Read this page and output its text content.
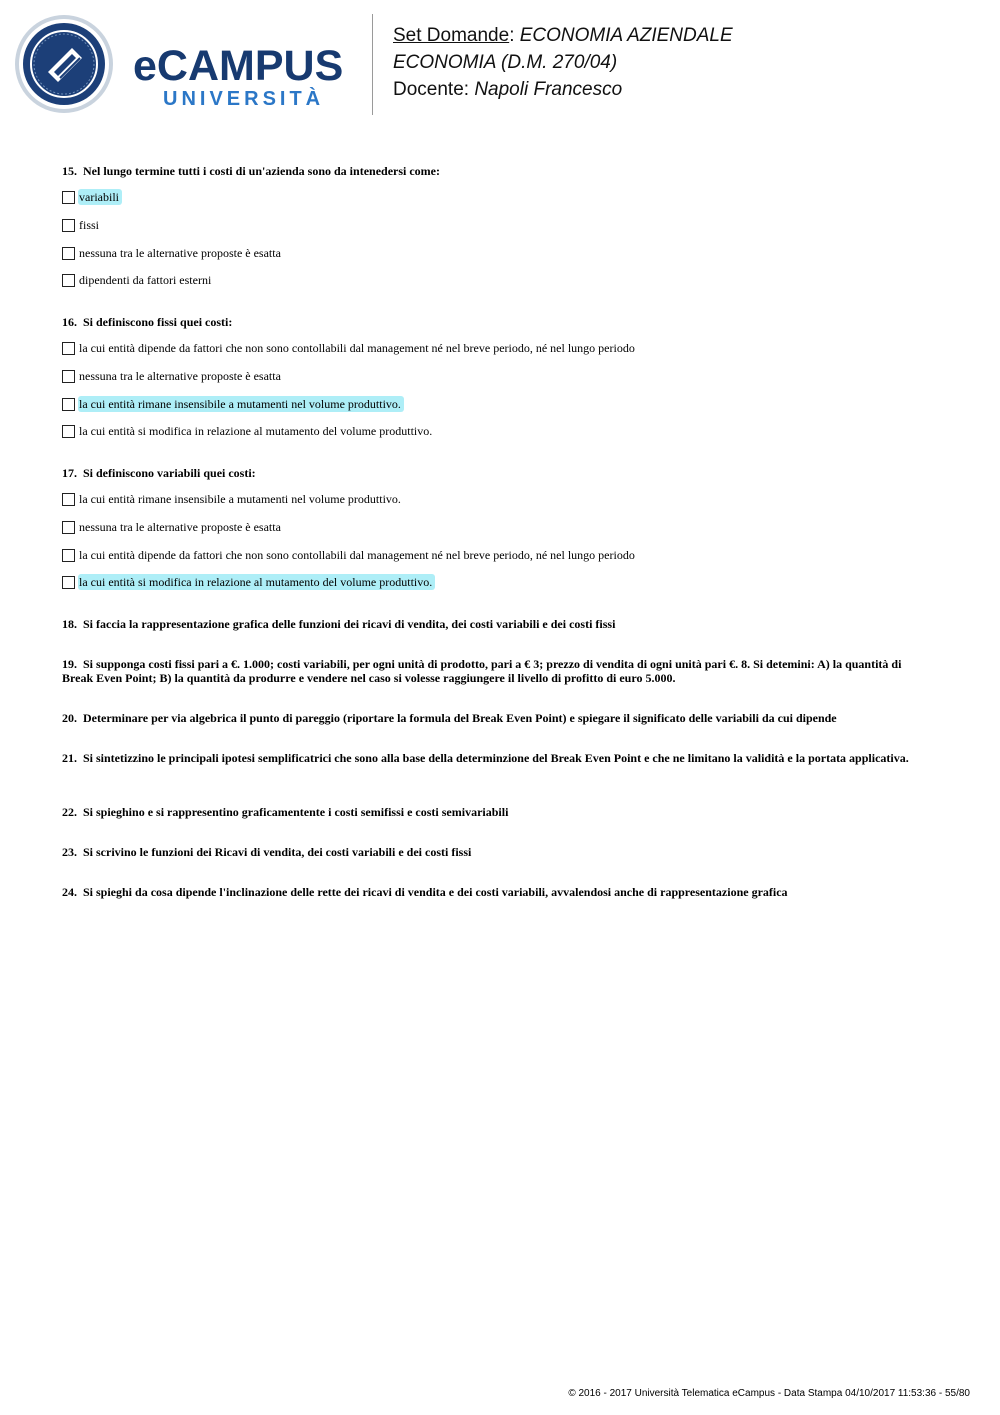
eCAMPUS
UNIVERSITÀ
Set Domande: ECONOMIA AZIENDALE
ECONOMIA (D.M. 270/04)
Docente: Napoli Francesco
15. Nel lungo termine tutti i costi di un'azienda sono da intenedersi come:
variabili
fissi
nessuna tra le alternative proposte è esatta
dipendenti da fattori esterni
16. Si definiscono fissi quei costi:
la cui entità dipende da fattori che non sono contollabili dal management né nel breve periodo, né nel lungo periodo
nessuna tra le alternative proposte è esatta
la cui entità rimane insensibile a mutamenti nel volume produttivo.
la cui entità si modifica in relazione al mutamento del volume produttivo.
17. Si definiscono variabili quei costi:
la cui entità rimane insensibile a mutamenti nel volume produttivo.
nessuna tra le alternative proposte è esatta
la cui entità dipende da fattori che non sono contollabili dal management né nel breve periodo, né nel lungo periodo
la cui entità si modifica in relazione al mutamento del volume produttivo.
18. Si faccia la rappresentazione grafica delle funzioni dei ricavi di vendita, dei costi variabili e dei costi fissi
19. Si supponga costi fissi pari a €. 1.000; costi variabili, per ogni unità di prodotto, pari a € 3; prezzo di vendita di ogni unità pari €. 8. Si detemini: A) la quantità di Break Even Point; B) la quantità da produrre e vendere nel caso si volesse raggiungere il livello di profitto di euro 5.000.
20. Determinare per via algebrica il punto di pareggio (riportare la formula del Break Even Point) e spiegare il significato delle variabili da cui dipende
21. Si sintetizzino le principali ipotesi semplificatrici che sono alla base della determinzione del Break Even Point e che ne limitano la validità e la portata applicativa.
22. Si spieghino e si rappresentino graficamentente i costi semifissi e costi semivariabili
23. Si scrivino le funzioni dei Ricavi di vendita, dei costi variabili e dei costi fissi
24. Si spieghi da cosa dipende l'inclinazione delle rette dei ricavi di vendita e dei costi variabili, avvalendosi anche di rappresentazione grafica
© 2016 - 2017 Università Telematica eCampus - Data Stampa 04/10/2017 11:53:36 - 55/80
